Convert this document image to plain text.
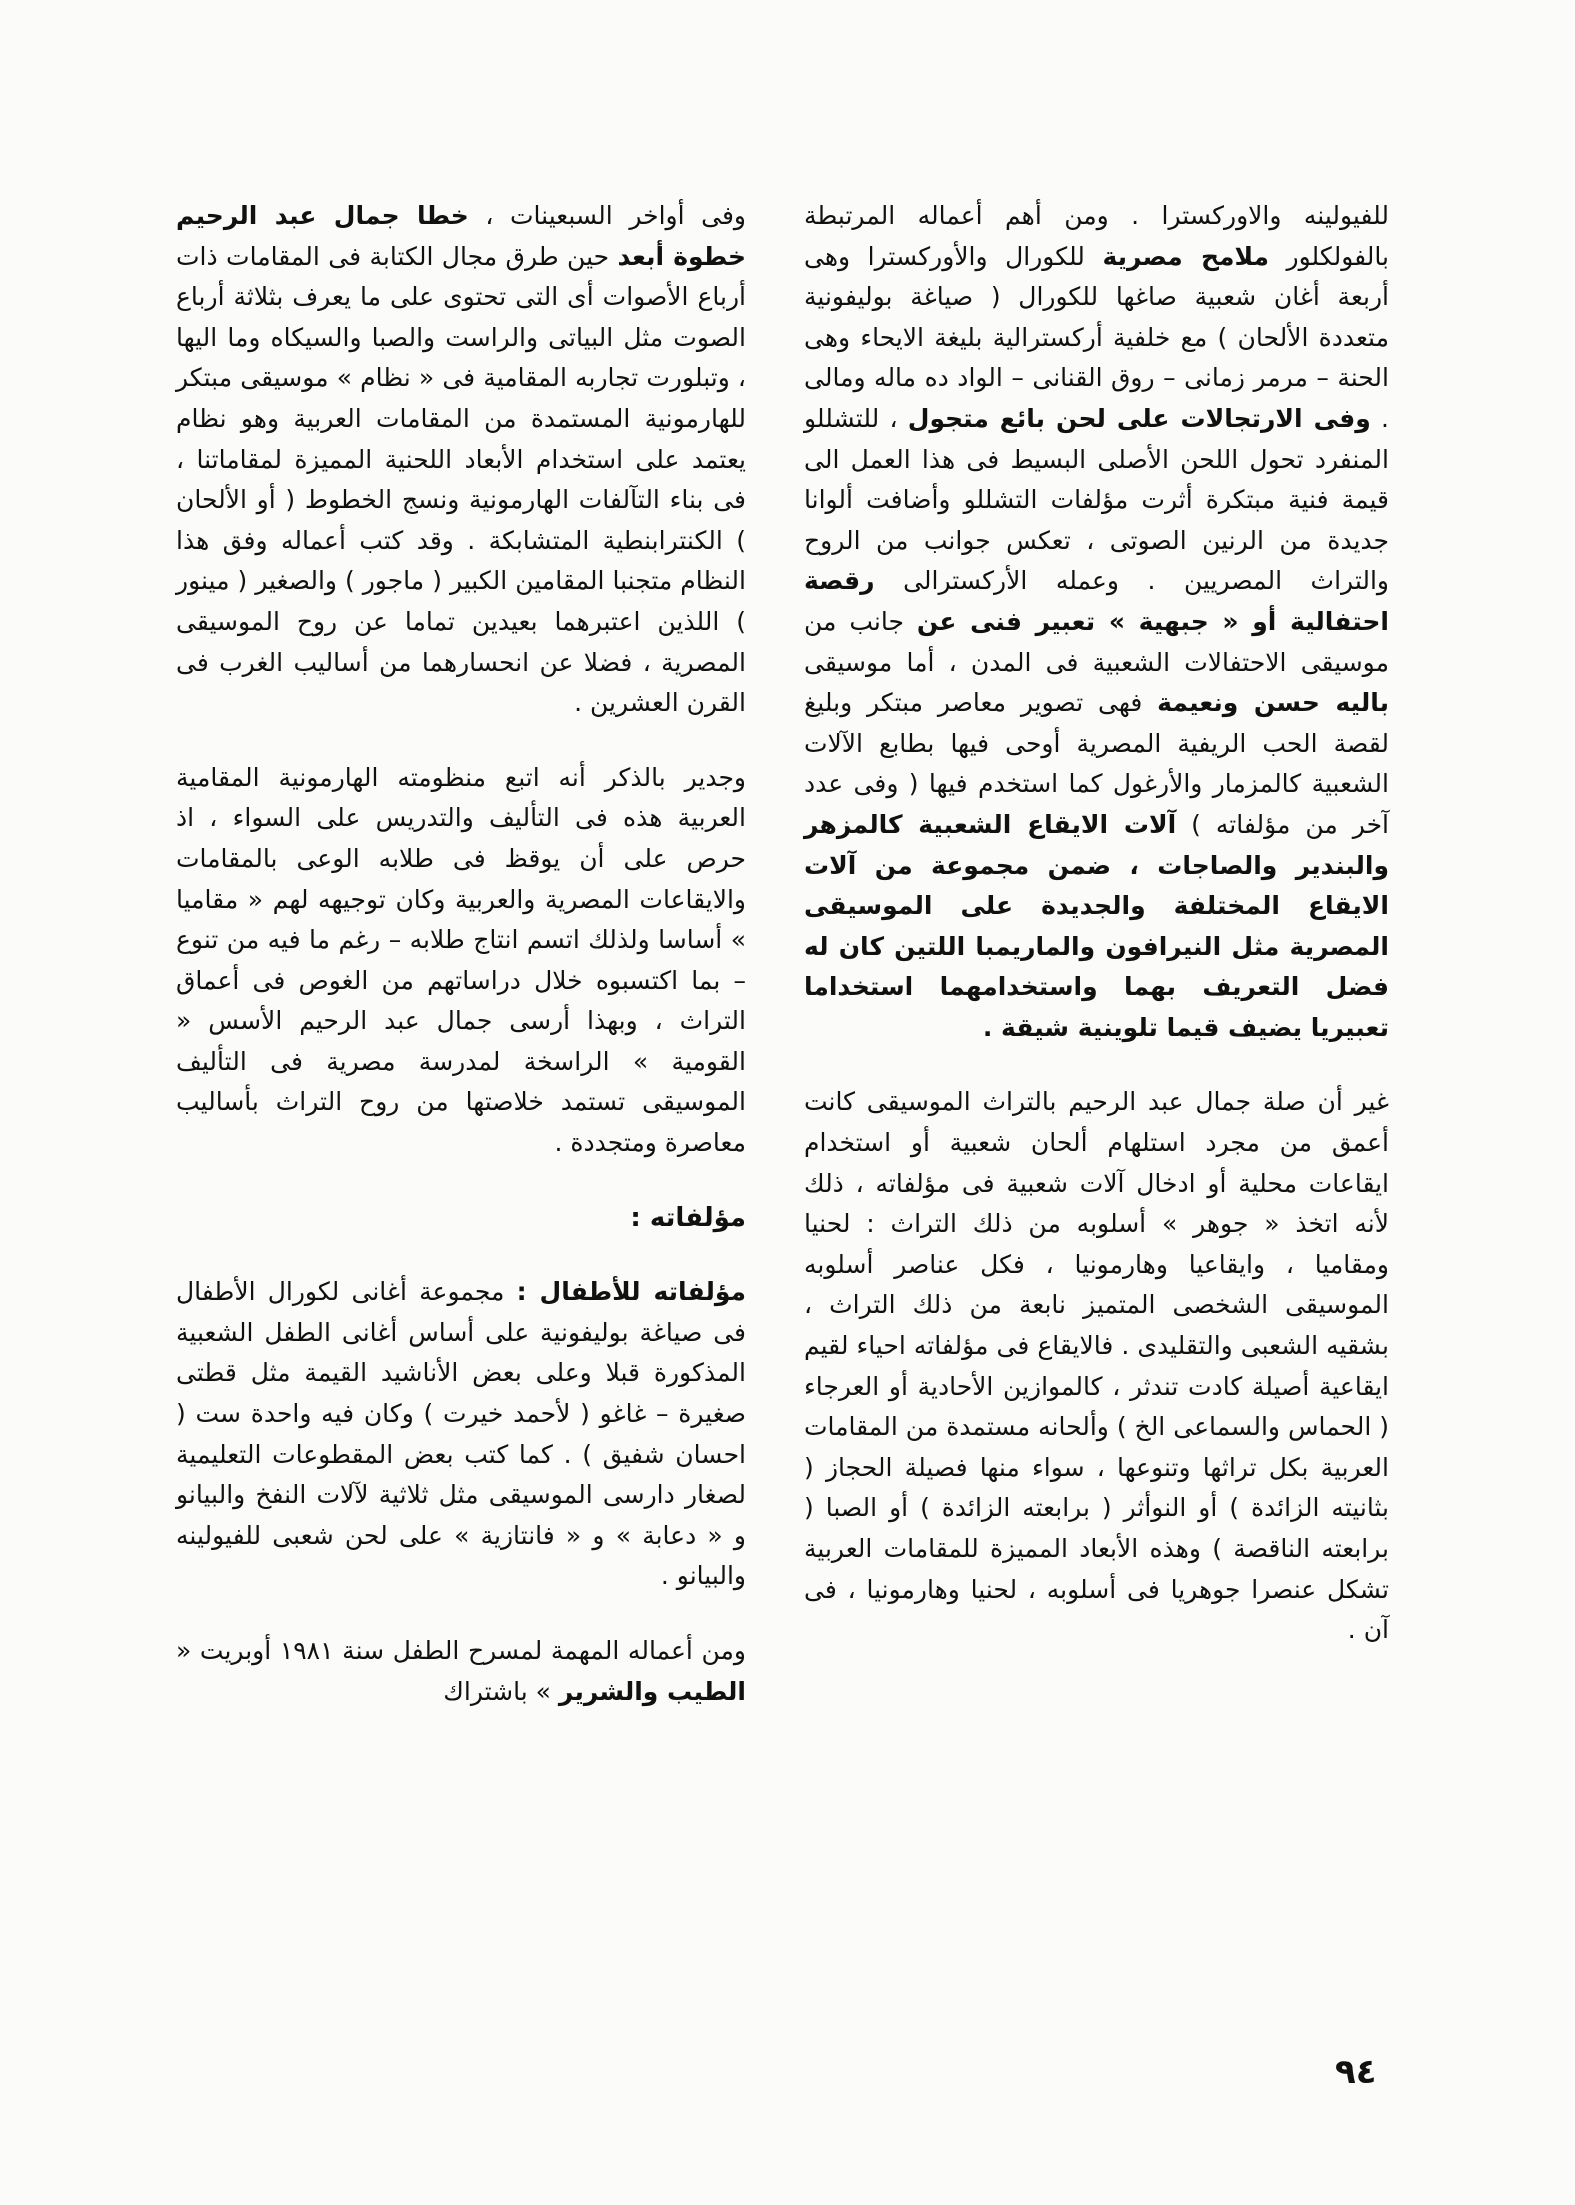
للفيولينه والاوركسترا . ومن أهم أعماله المرتبطة بالفولكلور ملامح مصرية للكورال والأوركسترا وهى أربعة أغان شعبية صاغها للكورال ( صياغة بوليفونية متعددة الألحان ) مع خلفية أركسترالية بليغة الايحاء وهى الحنة – مرمر زمانى – روق القنانى – الواد ده ماله ومالى . وفى الارتجالات على لحن بائع متجول ، للتشللو المنفرد تحول اللحن الأصلى البسيط فى هذا العمل الى قيمة فنية مبتكرة أثرت مؤلفات التشللو وأضافت ألوانا جديدة من الرنين الصوتى ، تعكس جوانب من الروح والتراث المصريين . وعمله الأركسترالى رقصة احتفالية أو « جبهية » تعبير فنى عن جانب من موسيقى الاحتفالات الشعبية فى المدن ، أما موسيقى باليه حسن ونعيمة فهى تصوير معاصر مبتكر وبليغ لقصة الحب الريفية المصرية أوحى فيها بطابع الآلات الشعبية كالمزمار والأرغول كما استخدم فيها ( وفى عدد آخر من مؤلفاته ) آلات الايقاع الشعبية كالمزهر والبندير والصاجات ، ضمن مجموعة من آلات الايقاع المختلفة والجديدة على الموسيقى المصرية مثل النيرافون والماريمبا اللتين كان له فضل التعريف بهما واستخدامهما استخداما تعبيريا يضيف قيما تلوينية شيقة .

غير أن صلة جمال عبد الرحيم بالتراث الموسيقى كانت أعمق من مجرد استلهام ألحان شعبية أو استخدام ايقاعات محلية أو ادخال آلات شعبية فى مؤلفاته ، ذلك لأنه اتخذ « جوهر » أسلوبه من ذلك التراث : لحنيا ومقاميا ، وايقاعيا وهارمونيا ، فكل عناصر أسلوبه الموسيقى الشخصى المتميز نابعة من ذلك التراث ، بشقيه الشعبى والتقليدى . فالايقاع فى مؤلفاته احياء لقيم ايقاعية أصيلة كادت تندثر ، كالموازين الأحادية أو العرجاء ( الحماس والسماعى الخ ) وألحانه مستمدة من المقامات العربية بكل تراثها وتنوعها ، سواء منها فصيلة الحجاز ( بثانيته الزائدة ) أو النوأثر ( برابعته الزائدة ) أو الصبا ( برابعته الناقصة ) وهذه الأبعاد المميزة للمقامات العربية تشكل عنصرا جوهريا فى أسلوبه ، لحنيا وهارمونيا ، فى آن .

وفى أواخر السبعينات ، خطا جمال عبد الرحيم خطوة أبعد حين طرق مجال الكتابة فى المقامات ذات أرباع الأصوات أى التى تحتوى على ما يعرف بثلاثة أرباع الصوت مثل البياتى والراست والصبا والسيكاه وما اليها ، وتبلورت تجاربه المقامية فى « نظام » موسيقى مبتكر للهارمونية المستمدة من المقامات العربية وهو نظام يعتمد على استخدام الأبعاد اللحنية المميزة لمقاماتنا ، فى بناء التآلفات الهارمونية ونسج الخطوط ( أو الألحان ) الكنترابنطية المتشابكة . وقد كتب أعماله وفق هذا النظام متجنبا المقامين الكبير ( ماجور ) والصغير ( مينور ) اللذين اعتبرهما بعيدين تماما عن روح الموسيقى المصرية ، فضلا عن انحسارهما من أساليب الغرب فى القرن العشرين .

وجدير بالذكر أنه اتبع منظومته الهارمونية المقامية العربية هذه فى التأليف والتدريس على السواء ، اذ حرص على أن يوقظ فى طلابه الوعى بالمقامات والايقاعات المصرية والعربية وكان توجيهه لهم « مقاميا » أساسا ولذلك اتسم انتاج طلابه – رغم ما فيه من تنوع – بما اكتسبوه خلال دراساتهم من الغوص فى أعماق التراث ، وبهذا أرسى جمال عبد الرحيم الأسس « القومية » الراسخة لمدرسة مصرية فى التأليف الموسيقى تستمد خلاصتها من روح التراث بأساليب معاصرة ومتجددة .

مؤلفاته :

مؤلفاته للأطفال : مجموعة أغانى لكورال الأطفال فى صياغة بوليفونية على أساس أغانى الطفل الشعبية المذكورة قبلا وعلى بعض الأناشيد القيمة مثل قطتى صغيرة – غاغو ( لأحمد خيرت ) وكان فيه واحدة ست ( احسان شفيق ) . كما كتب بعض المقطوعات التعليمية لصغار دارسى الموسيقى مثل ثلاثية لآلات النفخ والبيانو و « دعابة » و « فانتازية » على لحن شعبى للفيولينه والبيانو .

ومن أعماله المهمة لمسرح الطفل سنة ١٩٨١ أوبريت « الطيب والشرير » باشتراك

٩٤
